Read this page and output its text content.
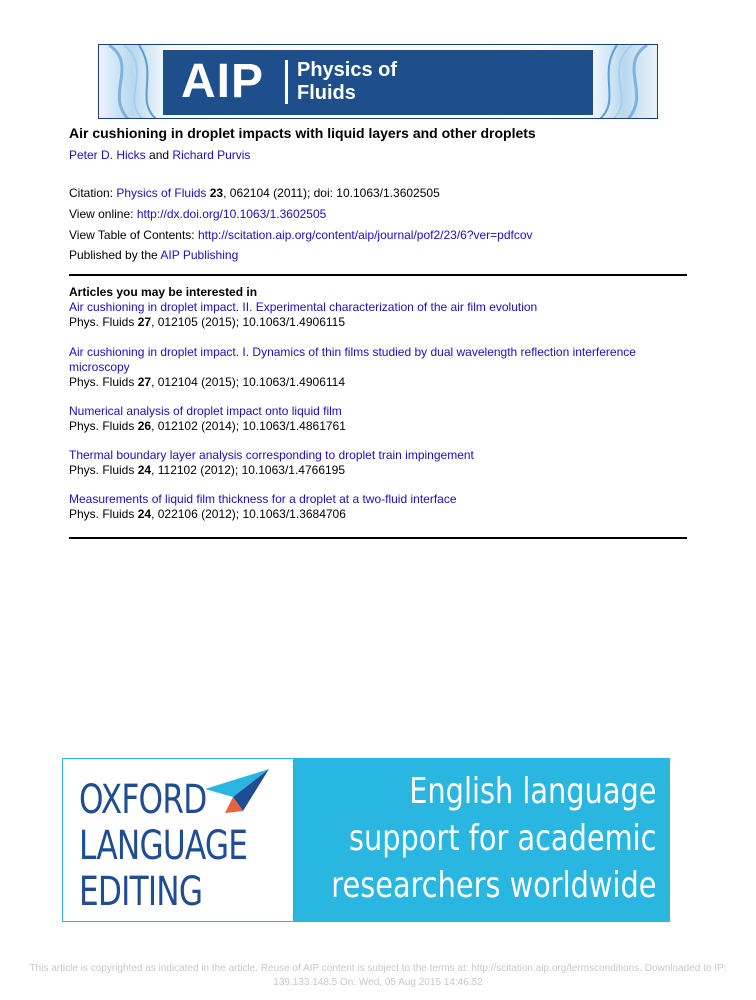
AIP Physics of
Fluids
Air cushioning in droplet impacts with liquid layers and other droplets
Peter D. Hicks and Richard Purvis
Citation: Physics of Fluids 23, 062104 (2011); doi: 10.1063/1.3602505
View online: http://dx.doi.org/10.1063/1.3602505
View Table of Contents: http://scitation.aip.org/content/aip/journal/pof2/23/6?ver=pdfcov
Published by the AIP Publishing
Articles you may be interested in
Air cushioning in droplet impact. II. Experimental characterization of the air film evolution
Phys. Fluids 27, 012105 (2015); 10.1063/1.4906115
Air cushioning in droplet impact. I. Dynamics of thin films studied by dual wavelength reflection interference microscopy
Phys. Fluids 27, 012104 (2015); 10.1063/1.4906114
Numerical analysis of droplet impact onto liquid film
Phys. Fluids 26, 012102 (2014); 10.1063/1.4861761
Thermal boundary layer analysis corresponding to droplet train impingement
Phys. Fluids 24, 112102 (2012); 10.1063/1.4766195
Measurements of liquid film thickness for a droplet at a two-fluid interface
Phys. Fluids 24, 022106 (2012); 10.1063/1.3684706
OXFORD
LANGUAGE
EDITING
English language
support for academic
researchers worldwide
This article is copyrighted as indicated in the article. Reuse of AIP content is subject to the terms at: http://scitation.aip.org/termsconditions. Downloaded to IP:
139.133.148.5 On: Wed, 05 Aug 2015 14:46:52
